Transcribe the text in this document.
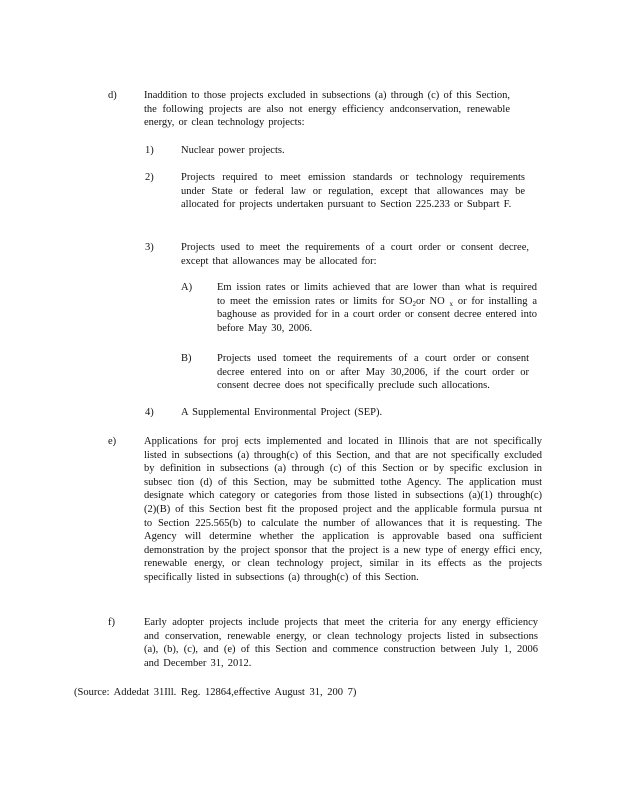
d)	Inaddition to those projects excluded in subsections (a) through (c) of this Section, the following projects are also not energy efficiency andconservation, renewable energy, or clean technology projects:
1)	Nuclear power projects.
2)	Projects required to meet emission standards or technology requirements under State or federal law or regulation, except that allowances may be allocated for projects undertaken pursuant to Section 225.233 or Subpart F.
3)	Projects used to meet the requirements of a court order or consent decree, except that allowances may be allocated for:
A) Em ission rates or limits achieved that are lower than what is required to meet the emission rates or limits for $SO_2or$ NO $_x$ or for installing a baghouse as provided for in a court order or consent decree entered into before May 30, 2006.
B) Projects used tomeet the requirements of a court order or consent decree entered into on or after May 30,2006, if the court order or consent decree does not specifically preclude such allocations.
4)	A Supplemental Environmental Project (SEP).
e)	Applications for proj ects implemented and located in Illinois that are not specifically listed in subsections (a) through(c) of this Section, and that are not specifically excluded by definition in subsections (a) through (c) of this Section or by specific exclusion in subsec tion (d) of this Section, may be submitted tothe Agency. The application must designate which category or categories from those listed in subsections (a)(1) through(c)(2)(B) of this Section best fit the proposed project and the applicable formula pursua nt to Section 225.565(b) to calculate the number of allowances that it is requesting. The Agency will determine whether the application is approvable based ona sufficient demonstration by the project sponsor that the project is a new type of energy effici ency, renewable energy, or clean technology project, similar in its effects as the projects specifically listed in subsections (a) through(c) of this Section.
f)	Early adopter projects include projects that meet the criteria for any energy efficiency and conservation, renewable energy, or clean technology projects listed in subsections (a), (b), (c), and (e) of this Section and commence construction between July 1, 2006 and December 31, 2012.
(Source: Addedat 31Ill. Reg. 12864,effective August 31, 200 7)
